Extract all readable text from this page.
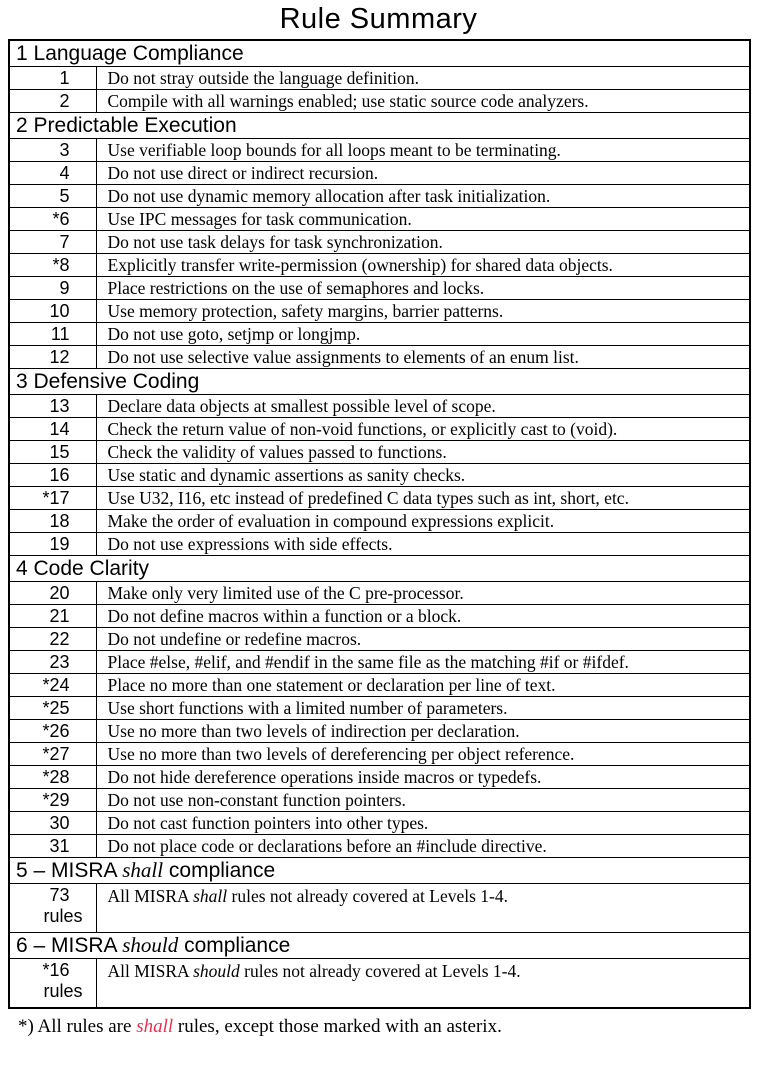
Rule Summary
1 Language Compliance	
1	Do not stray outside the language definition.
2	Compile with all warnings enabled; use static source code analyzers.
2 Predictable Execution	
3	Use verifiable loop bounds for all loops meant to be terminating.
4	Do not use direct or indirect recursion.
5	Do not use dynamic memory allocation after task initialization.
*6	Use IPC messages for task communication.
7	Do not use task delays for task synchronization.
*8	Explicitly transfer write-permission (ownership) for shared data objects.
9	Place restrictions on the use of semaphores and locks.
10	Use memory protection, safety margins, barrier patterns.
11	Do not use goto, setjmp or longjmp.
12	Do not use selective value assignments to elements of an enum list.
3 Defensive Coding	
13	Declare data objects at smallest possible level of scope.
14	Check the return value of non-void functions, or explicitly cast to (void).
15	Check the validity of values passed to functions.
16	Use static and dynamic assertions as sanity checks.
*17	Use U32, I16, etc instead of predefined C data types such as int, short, etc.
18	Make the order of evaluation in compound expressions explicit.
19	Do not use expressions with side effects.
4 Code Clarity	
20	Make only very limited use of the C pre-processor.
21	Do not define macros within a function or a block.
22	Do not undefine or redefine macros.
23	Place #else, #elif, and #endif in the same file as the matching #if or #ifdef.
*24	Place no more than one statement or declaration per line of text.
*25	Use short functions with a limited number of parameters.
*26	Use no more than two levels of indirection per declaration.
*27	Use no more than two levels of dereferencing per object reference.
*28	Do not hide dereference operations inside macros or typedefs.
*29	Do not use non-constant function pointers.
30	Do not cast function pointers into other types.
31	Do not place code or declarations before an #include directive.
5 – MISRA shall compliance	
73
rules	All MISRA shall rules not already covered at Levels 1-4.
6 – MISRA should compliance	
*16
rules	All MISRA should rules not already covered at Levels 1-4.

*) All rules are shall rules, except those marked with an asterix.
